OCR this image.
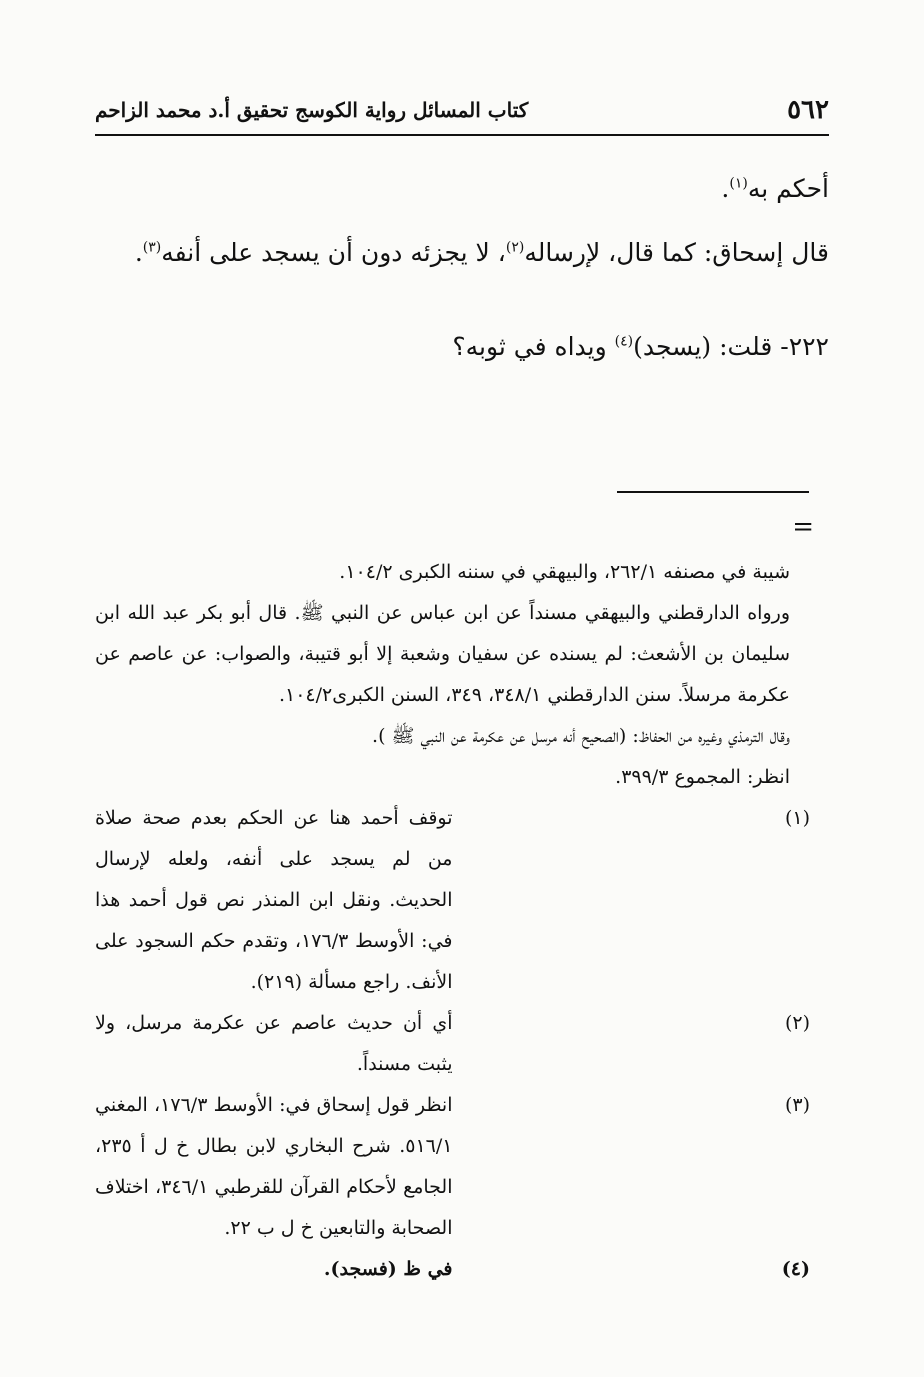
٥٦٢
كتاب المسائل رواية الكوسج تحقيق أ.د محمد الزاحم

أحكم به$^{(١)}$.

قال إسحاق: كما قال، لإرساله$^{(٢)}$، لا يجزئه دون أن يسجد على أنفه$^{(٣)}$.

٢٢٢- قلت: (يسجد)$^{(٤)}$ ويداه في ثوبه؟

=

شيبة في مصنفه ٢٦٢/١، والبيهقي في سننه الكبرى ١٠٤/٢.

ورواه الدارقطني والبيهقي مسنداً عن ابن عباس عن النبي ﷺ. قال أبو بكر عبد الله ابن سليمان بن الأشعث: لم يسنده عن سفيان وشعبة إلا أبو قتيبة، والصواب: عن عاصم عن عكرمة مرسلاً. سنن الدارقطني ٣٤٨/١، ٣٤٩، السنن الكبرى١٠٤/٢.

وقال الترمذي وغيره من الحفاظ: (الصحيح أنه مرسل عن عكرمة عن النبي ﷺ ).

انظر: المجموع ٣٩٩/٣.

(١)
توقف أحمد هنا عن الحكم بعدم صحة صلاة من لم يسجد على أنفه، ولعله لإرسال الحديث. ونقل ابن المنذر نص قول أحمد هذا في: الأوسط ١٧٦/٣، وتقدم حكم السجود على الأنف. راجع مسألة (٢١٩).
(٢)
أي أن حديث عاصم عن عكرمة مرسل، ولا يثبت مسنداً.
(٣)
انظر قول إسحاق في: الأوسط ١٧٦/٣، المغني ٥١٦/١. شرح البخاري لابن بطال خ ل أ ٢٣٥، الجامع لأحكام القرآن للقرطبي ٣٤٦/١، اختلاف الصحابة والتابعين خ ل ب ٢٢.
(٤)
في ظ (فسجد).
